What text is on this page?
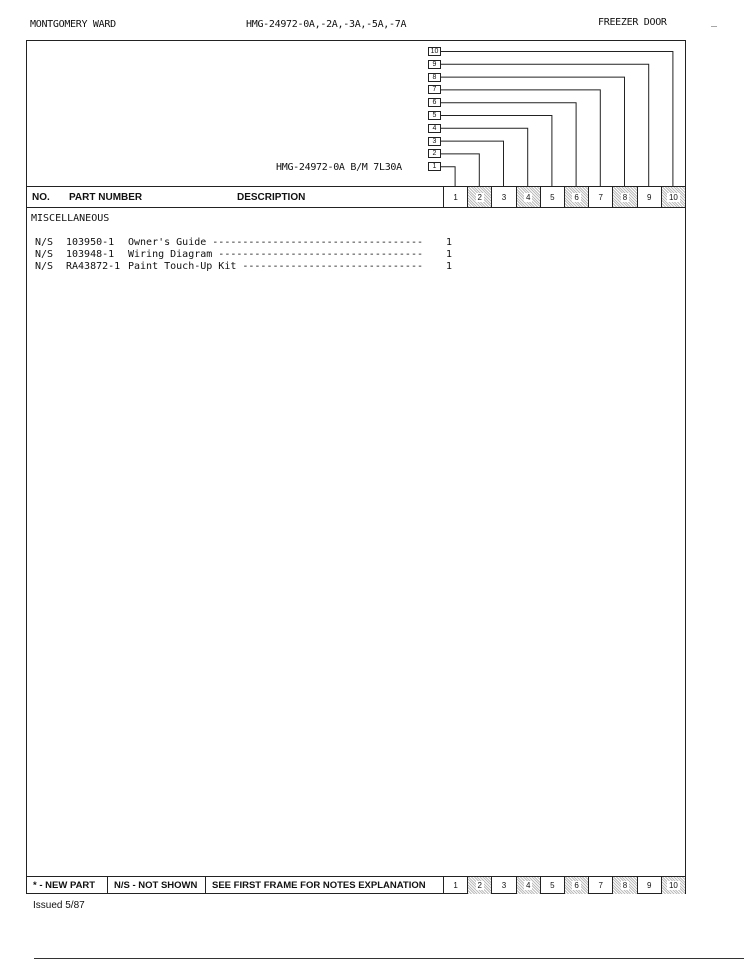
MONTGOMERY WARD	HMG-24972-0A,-2A,-3A,-5A,-7A	FREEZER DOOR	_
HMG-24972-0A B/M 7L30A
10
9
8
7
6
5
4
3
2
1
NO. PART NUMBER	DESCRIPTION	1 2 3 4 5 6 7 8 9 10
MISCELLANEOUS
N/S 103950-1 Owner's Guide -----------------------------------	1
N/S 103948-1 Wiring Diagram ----------------------------------	1
N/S RA43872-1 Paint Touch-Up Kit ------------------------------	1
* - NEW PART N/S - NOT SHOWN SEE FIRST FRAME FOR NOTES EXPLANATION	1 2 3 4 5 6 7 8 9 10
Issued 5/87
